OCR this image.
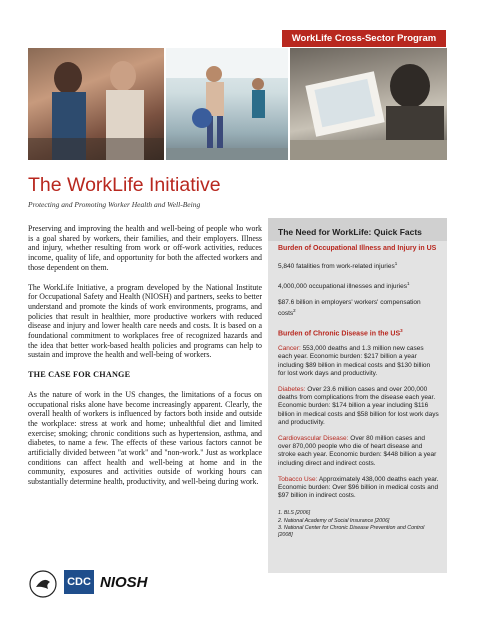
WorkLife Cross-Sector Program
The WorkLife Initiative
Protecting and Promoting Worker Health and Well-Being

Preserving and improving the health and well-being of people who work is a goal shared by workers, their families, and their employers. Illness and injury, whether resulting from work or off-work activities, reduces income, quality of life, and opportunity for both the affected workers and those dependent on them.

The WorkLife Initiative, a program developed by the National Institute for Occupational Safety and Health (NIOSH) and partners, seeks to better understand and promote the kinds of work environments, programs, and policies that result in healthier, more productive workers with reduced disease and injury and lower health care needs and costs. It is based on a foundational commitment to workplaces free of recognized hazards and the idea that better work-based health policies and programs can help to sustain and improve the health and well-being of workers.

THE CASE FOR CHANGE

As the nature of work in the US changes, the limitations of a focus on occupational risks alone have become increasingly apparent. Clearly, the overall health of workers is influenced by factors both inside and outside the workplace: stress at work and home; unhealthful diet and limited exercise; smoking; chronic conditions such as hypertension, asthma, and diabetes, to name a few. The effects of these various factors cannot be artificially divided between "at work" and "non-work." Just as workplace conditions can affect health and well-being at home and in the community, exposures and activities outside of working hours can substantially determine health, productivity, and well-being during work.

The Need for WorkLife: Quick Facts
Burden of Occupational Illness and Injury in US
5,840 fatalities from work-related injuries$^1$
4,000,000 occupational illnesses and injuries$^1$
$87.6 billion in employers' workers' compensation costs$^2$
Burden of Chronic Disease in the $US^3$
Cancer: 553,000 deaths and 1.3 million new cases each year. Economic burden: $217 billion a year including $89 billion in medical costs and $130 billion for lost work days and productivity.
Diabetes: Over 23.6 million cases and over 200,000 deaths from complications from the disease each year. Economic burden: $174 billion a year including $116 billion in medical costs and $58 billion for lost work days and productivity.
Cardiovascular Disease: Over 80 million cases and over 870,000 people who die of heart disease and stroke each year. Economic burden: $448 billion a year including direct and indirect costs.
Tobacco Use: Approximately 438,000 deaths each year. Economic burden: Over $96 billion in medical costs and $97 billion in indirect costs.
1. BLS [2006]
2. National Academy of Social Insurance [2006]
3. National Center for Chronic Disease Prevention and Control [2008]
CDC NIOSH
